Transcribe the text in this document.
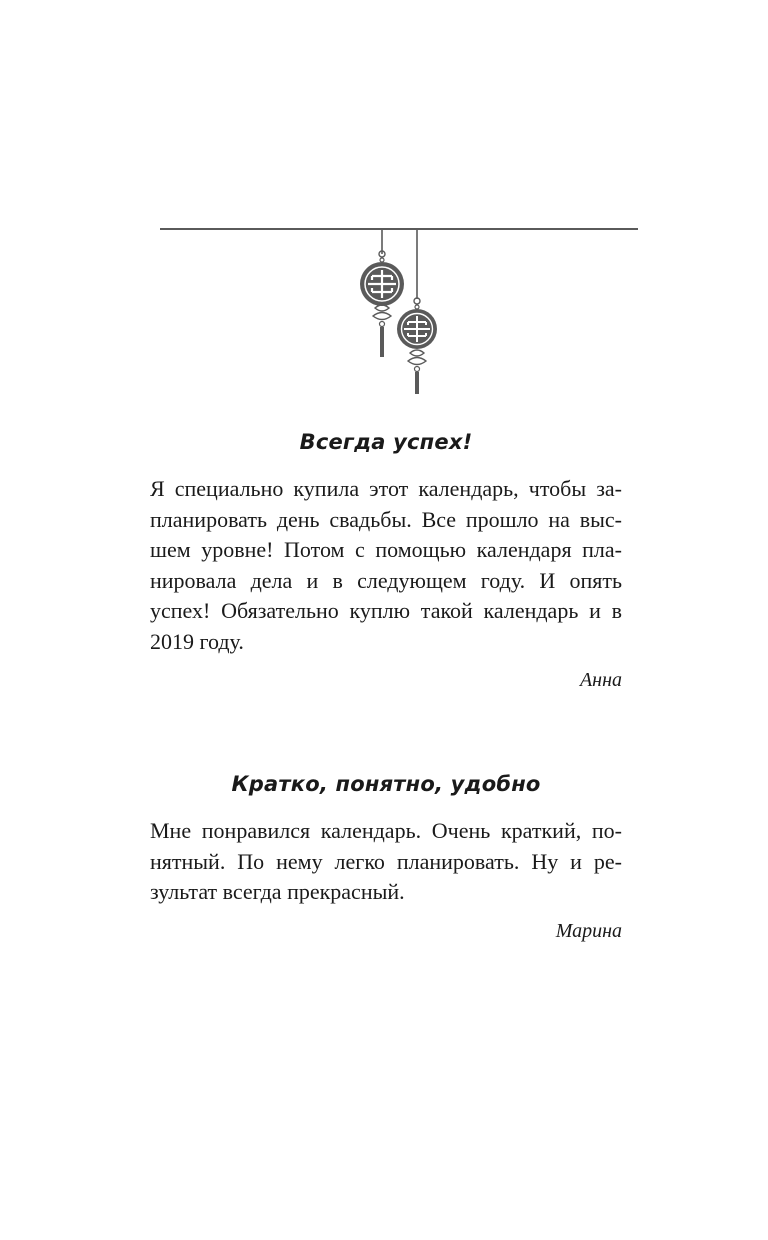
Всегда успех!

Я специально купила этот календарь, чтобы запланировать день свадьбы. Все прошло на высшем уровне! Потом с помощью календаря планировала дела и в следующем году. И опять успех! Обязательно куплю такой календарь и в 2019 году.

Анна

Кратко, понятно, удобно

Мне понравился календарь. Очень краткий, понятный. По нему легко планировать. Ну и результат всегда прекрасный.

Марина
